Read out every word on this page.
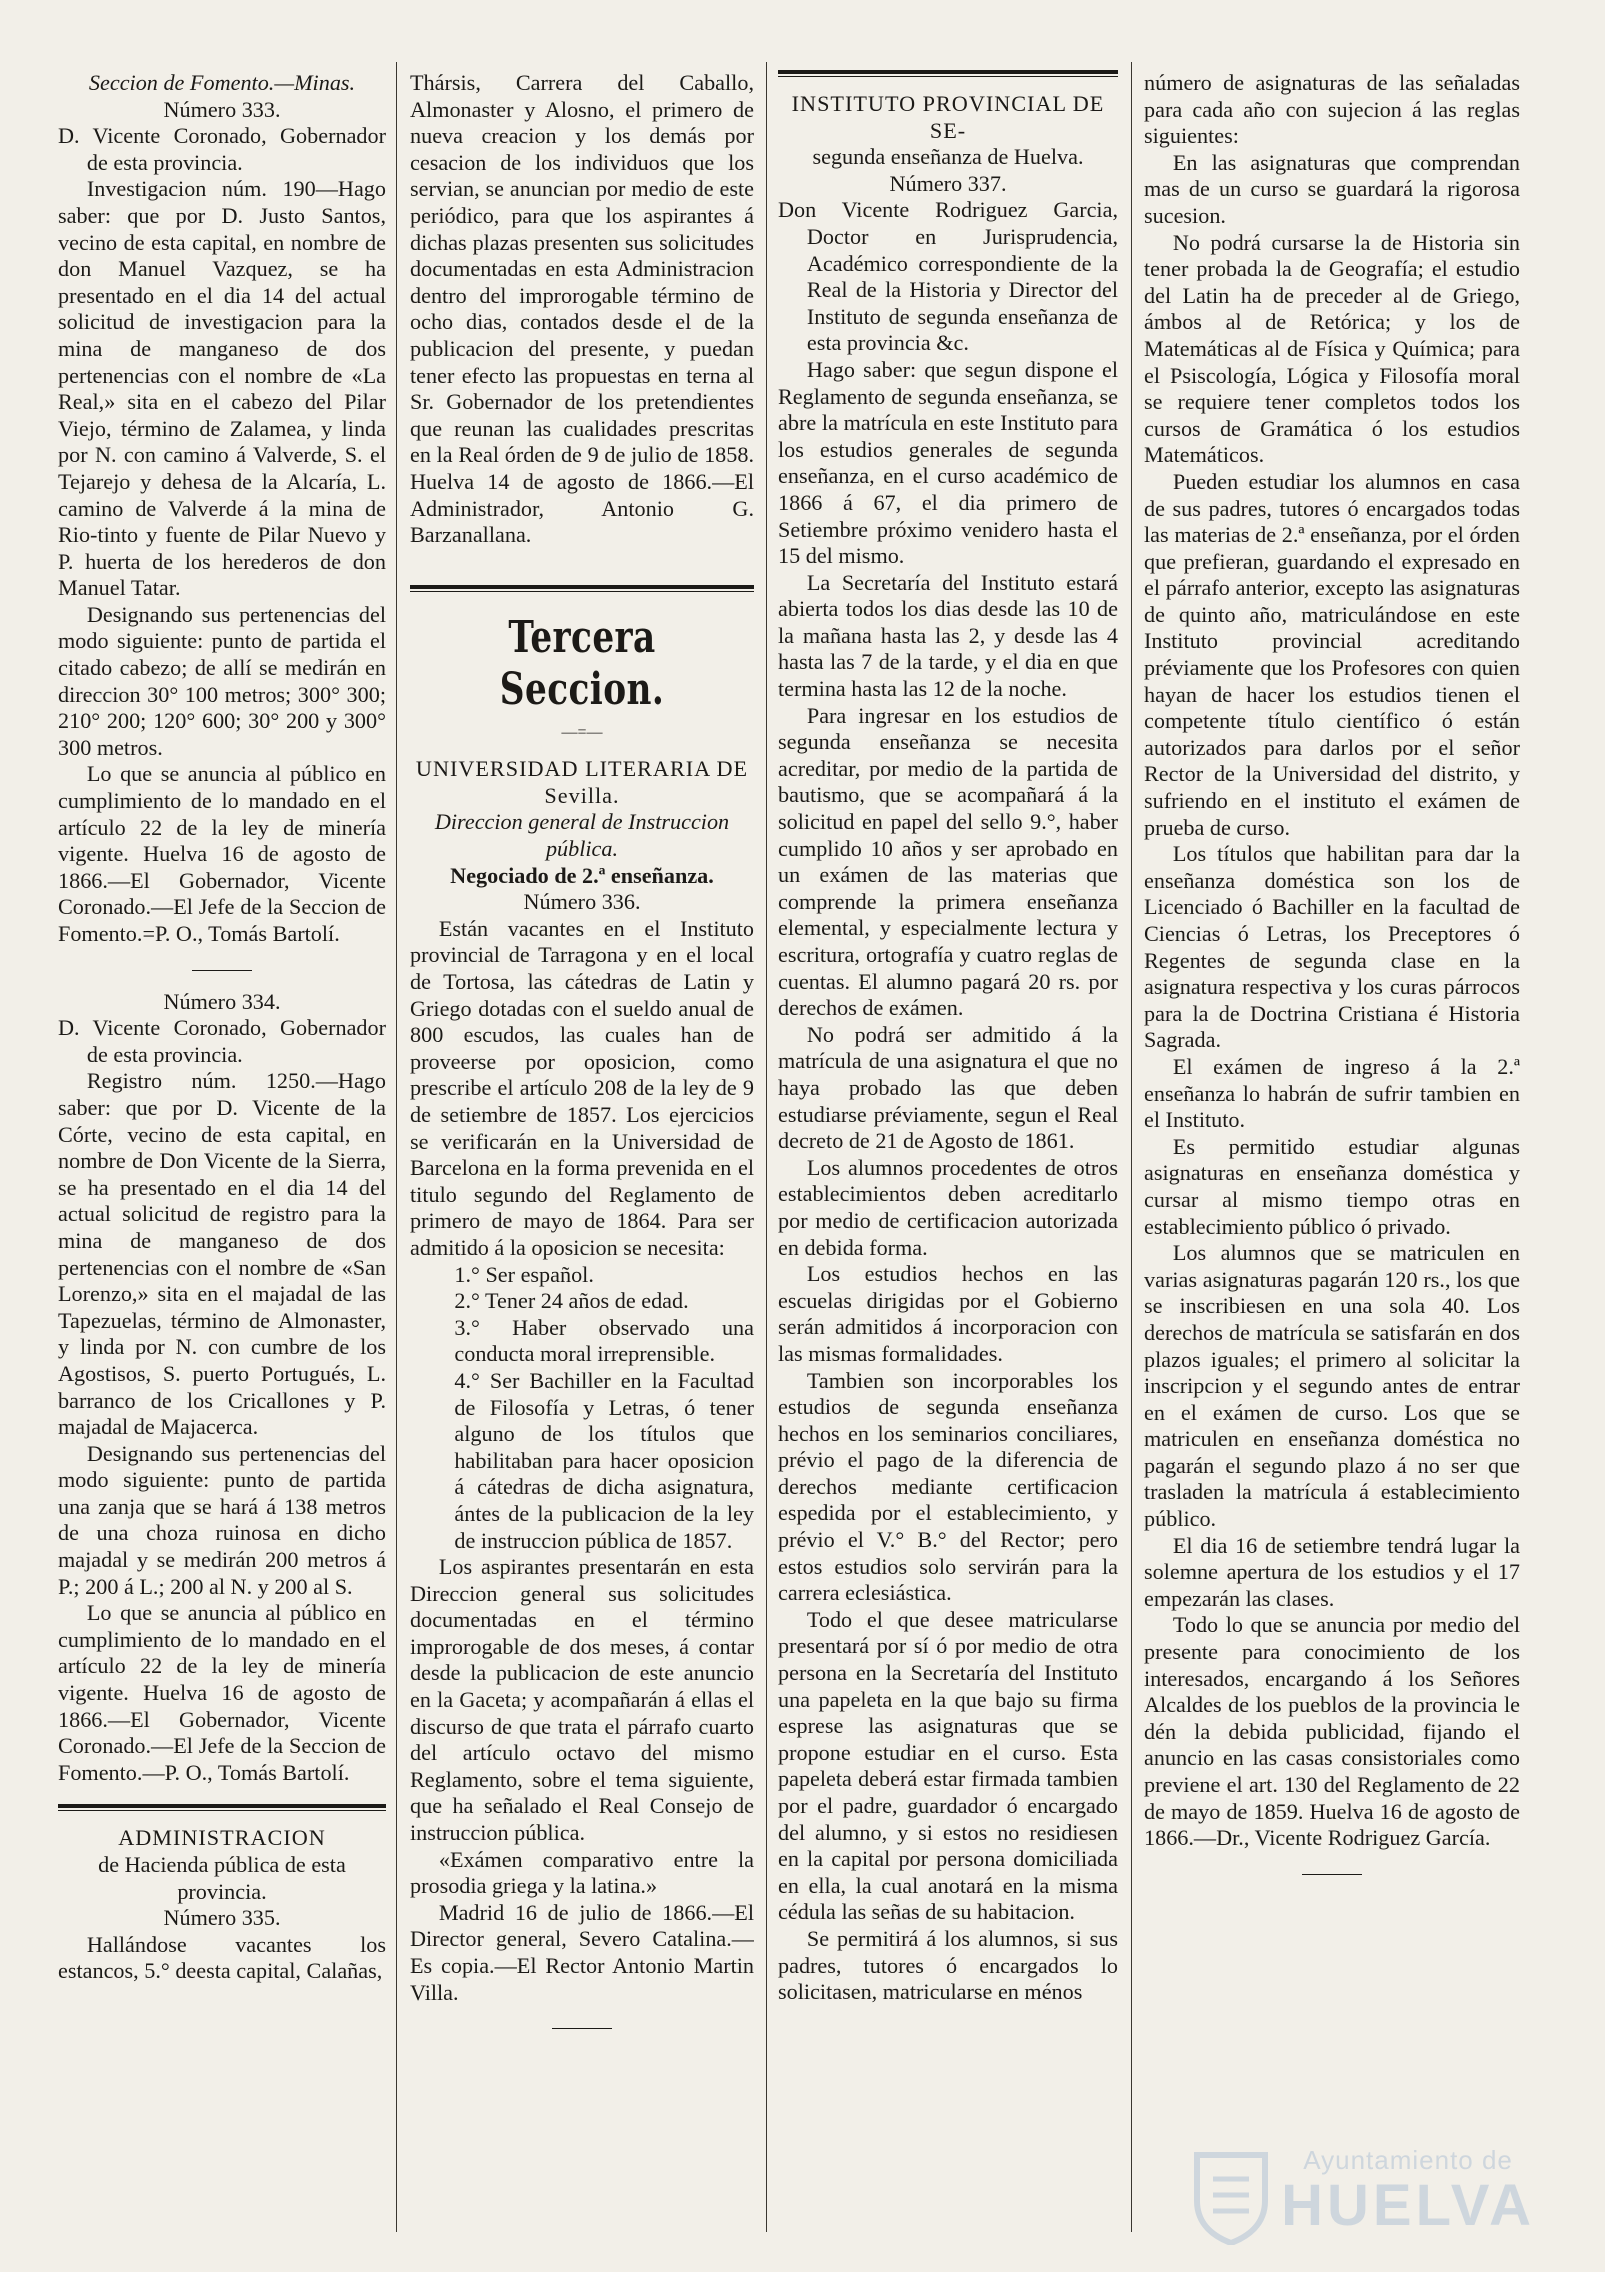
Seccion de Fomento.—Minas.

Número 333.

D. Vicente Coronado, Gobernador de esta provincia.

Investigacion núm. 190—Hago saber: que por D. Justo Santos, vecino de esta capital, en nombre de don Manuel Vazquez, se ha presentado en el dia 14 del actual solicitud de investigacion para la mina de manganeso de dos pertenencias con el nombre de «La Real,» sita en el cabezo del Pilar Viejo, término de Zalamea, y linda por N. con camino á Valverde, S. el Tejarejo y dehesa de la Alcaría, L. camino de Valverde á la mina de Rio-tinto y fuente de Pilar Nuevo y P. huerta de los herederos de don Manuel Tatar.

Designando sus pertenencias del modo siguiente: punto de partida el citado cabezo; de allí se medirán en direccion 30° 100 metros; 300° 300; 210° 200; 120° 600; 30° 200 y 300° 300 metros.

Lo que se anuncia al público en cumplimiento de lo mandado en el artículo 22 de la ley de minería vigente. Huelva 16 de agosto de 1866.—El Gobernador, Vicente Coronado.—El Jefe de la Seccion de Fomento.=P. O., Tomás Bartolí.

Número 334.

D. Vicente Coronado, Gobernador de esta provincia.

Registro núm. 1250.—Hago saber: que por D. Vicente de la Córte, vecino de esta capital, en nombre de Don Vicente de la Sierra, se ha presentado en el dia 14 del actual solicitud de registro para la mina de manganeso de dos pertenencias con el nombre de «San Lorenzo,» sita en el majadal de las Tapezuelas, término de Almonaster, y linda por N. con cumbre de los Agostisos, S. puerto Portugués, L. barranco de los Cricallones y P. majadal de Majacerca.

Designando sus pertenencias del modo siguiente: punto de partida una zanja que se hará á 138 metros de una choza ruinosa en dicho majadal y se medirán 200 metros á P.; 200 á L.; 200 al N. y 200 al S.

Lo que se anuncia al público en cumplimiento de lo mandado en el artículo 22 de la ley de minería vigente. Huelva 16 de agosto de 1866.—El Gobernador, Vicente Coronado.—El Jefe de la Seccion de Fomento.—P. O., Tomás Bartolí.

ADMINISTRACION

de Hacienda pública de esta provincia.

Número 335.

Hallándose vacantes los estancos, 5.° deesta capital, Calañas,

Thársis, Carrera del Caballo, Almonaster y Alosno, el primero de nueva creacion y los demás por cesacion de los individuos que los servian, se anuncian por medio de este periódico, para que los aspirantes á dichas plazas presenten sus solicitudes documentadas en esta Administracion dentro del improrogable término de ocho dias, contados desde el de la publicacion del presente, y puedan tener efecto las propuestas en terna al Sr. Gobernador de los pretendientes que reunan las cualidades prescritas en la Real órden de 9 de julio de 1858. Huelva 14 de agosto de 1866.—El Administrador, Antonio G. Barzanallana.

Tercera Seccion.
—=—

UNIVERSIDAD LITERARIA DE

Sevilla.

Direccion general de Instruccion pública.

Negociado de 2.ª enseñanza.

Número 336.

Están vacantes en el Instituto provincial de Tarragona y en el local de Tortosa, las cátedras de Latin y Griego dotadas con el sueldo anual de 800 escudos, las cuales han de proveerse por oposicion, como prescribe el artículo 208 de la ley de 9 de setiembre de 1857. Los ejercicios se verificarán en la Universidad de Barcelona en la forma prevenida en el titulo segundo del Reglamento de primero de mayo de 1864. Para ser admitido á la oposicion se necesita:

1.° Ser español.

2.° Tener 24 años de edad.

3.° Haber observado una conducta moral irreprensible.

4.° Ser Bachiller en la Facultad de Filosofía y Letras, ó tener alguno de los títulos que habilitaban para hacer oposicion á cátedras de dicha asignatura, ántes de la publicacion de la ley de instruccion pública de 1857.

Los aspirantes presentarán en esta Direccion general sus solicitudes documentadas en el término improrogable de dos meses, á contar desde la publicacion de este anuncio en la Gaceta; y acompañarán á ellas el discurso de que trata el párrafo cuarto del artículo octavo del mismo Reglamento, sobre el tema siguiente, que ha señalado el Real Consejo de instruccion pública.

«Exámen comparativo entre la prosodia griega y la latina.»

Madrid 16 de julio de 1866.—El Director general, Severo Catalina.—Es copia.—El Rector Antonio Martin Villa.

INSTITUTO PROVINCIAL DE SE-

segunda enseñanza de Huelva.

Número 337.

Don Vicente Rodriguez Garcia, Doctor en Jurisprudencia, Académico correspondiente de la Real de la Historia y Director del Instituto de segunda enseñanza de esta provincia &c.

Hago saber: que segun dispone el Reglamento de segunda enseñanza, se abre la matrícula en este Instituto para los estudios generales de segunda enseñanza, en el curso académico de 1866 á 67, el dia primero de Setiembre próximo venidero hasta el 15 del mismo.

La Secretaría del Instituto estará abierta todos los dias desde las 10 de la mañana hasta las 2, y desde las 4 hasta las 7 de la tarde, y el dia en que termina hasta las 12 de la noche.

Para ingresar en los estudios de segunda enseñanza se necesita acreditar, por medio de la partida de bautismo, que se acompañará á la solicitud en papel del sello 9.°, haber cumplido 10 años y ser aprobado en un exámen de las materias que comprende la primera enseñanza elemental, y especialmente lectura y escritura, ortografía y cuatro reglas de cuentas. El alumno pagará 20 rs. por derechos de exámen.

No podrá ser admitido á la matrícula de una asignatura el que no haya probado las que deben estudiarse préviamente, segun el Real decreto de 21 de Agosto de 1861.

Los alumnos procedentes de otros establecimientos deben acreditarlo por medio de certificacion autorizada en debida forma.

Los estudios hechos en las escuelas dirigidas por el Gobierno serán admitidos á incorporacion con las mismas formalidades.

Tambien son incorporables los estudios de segunda enseñanza hechos en los seminarios conciliares, prévio el pago de la diferencia de derechos mediante certificacion espedida por el establecimiento, y prévio el V.° B.° del Rector; pero estos estudios solo servirán para la carrera eclesiástica.

Todo el que desee matricularse presentará por sí ó por medio de otra persona en la Secretaría del Instituto una papeleta en la que bajo su firma esprese las asignaturas que se propone estudiar en el curso. Esta papeleta deberá estar firmada tambien por el padre, guardador ó encargado del alumno, y si estos no residiesen en la capital por persona domiciliada en ella, la cual anotará en la misma cédula las señas de su habitacion.

Se permitirá á los alumnos, si sus padres, tutores ó encargados lo solicitasen, matricularse en ménos

número de asignaturas de las señaladas para cada año con sujecion á las reglas siguientes:

En las asignaturas que comprendan mas de un curso se guardará la rigorosa sucesion.

No podrá cursarse la de Historia sin tener probada la de Geografía; el estudio del Latin ha de preceder al de Griego, ámbos al de Retórica; y los de Matemáticas al de Física y Química; para el Psiscología, Lógica y Filosofía moral se requiere tener completos todos los cursos de Gramática ó los estudios Matemáticos.

Pueden estudiar los alumnos en casa de sus padres, tutores ó encargados todas las materias de 2.ª enseñanza, por el órden que prefieran, guardando el expresado en el párrafo anterior, excepto las asignaturas de quinto año, matriculándose en este Instituto provincial acreditando préviamente que los Profesores con quien hayan de hacer los estudios tienen el competente título científico ó están autorizados para darlos por el señor Rector de la Universidad del distrito, y sufriendo en el instituto el exámen de prueba de curso.

Los títulos que habilitan para dar la enseñanza doméstica son los de Licenciado ó Bachiller en la facultad de Ciencias ó Letras, los Preceptores ó Regentes de segunda clase en la asignatura respectiva y los curas párrocos para la de Doctrina Cristiana é Historia Sagrada.

El exámen de ingreso á la 2.ª enseñanza lo habrán de sufrir tambien en el Instituto.

Es permitido estudiar algunas asignaturas en enseñanza doméstica y cursar al mismo tiempo otras en establecimiento público ó privado.

Los alumnos que se matriculen en varias asignaturas pagarán 120 rs., los que se inscribiesen en una sola 40. Los derechos de matrícula se satisfarán en dos plazos iguales; el primero al solicitar la inscripcion y el segundo antes de entrar en el exámen de curso. Los que se matriculen en enseñanza doméstica no pagarán el segundo plazo á no ser que trasladen la matrícula á establecimiento público.

El dia 16 de setiembre tendrá lugar la solemne apertura de los estudios y el 17 empezarán las clases.

Todo lo que se anuncia por medio del presente para conocimiento de los interesados, encargando á los Señores Alcaldes de los pueblos de la provincia le dén la debida publicidad, fijando el anuncio en las casas consistoriales como previene el art. 130 del Reglamento de 22 de mayo de 1859. Huelva 16 de agosto de 1866.—Dr., Vicente Rodriguez García.

Ayuntamiento de
HUELVA
